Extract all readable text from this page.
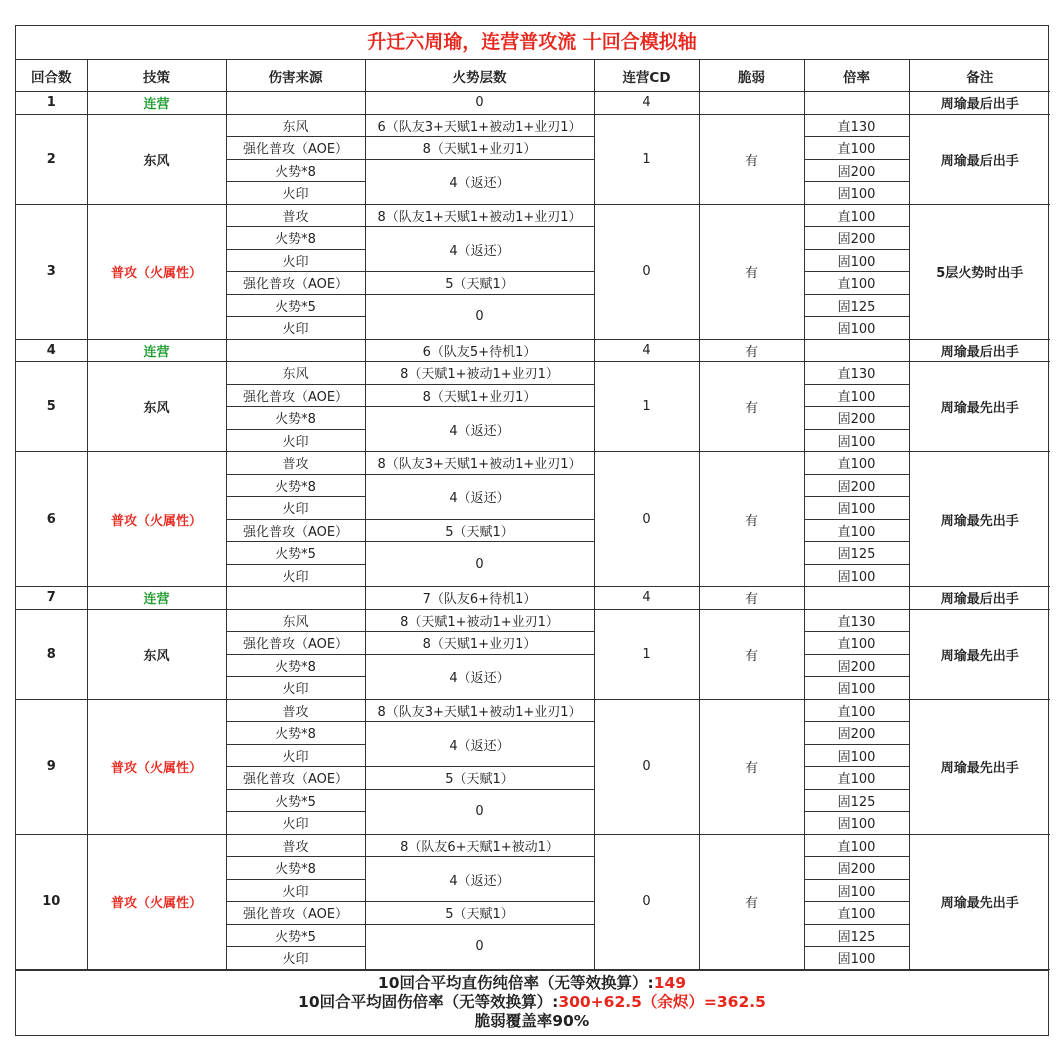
升迁六周瑜，连营普攻流 十回合模拟轴
回合数	技策	伤害来源	火势层数	连营CD	脆弱	倍率	备注
1	连营		0	4			周瑜最后出手
2	东风	东风	6（队友3+天赋1+被动1+业刃1）	1	有	直130	周瑜最后出手
		强化普攻（AOE）	8（天赋1+业刃1）			直100	
		火势*8	4（返还）			固200	
		火印				固100	
3	普攻（火属性）	普攻	8（队友1+天赋1+被动1+业刃1）	0	有	直100	5层火势时出手
		火势*8	4（返还）			固200	
		火印				固100	
		强化普攻（AOE）	5（天赋1）			直100	
		火势*5	0			固125	
		火印				固100	
4	连营		6（队友5+待机1）	4	有		周瑜最后出手
5	东风	东风	8（天赋1+被动1+业刃1）	1	有	直130	周瑜最先出手
		强化普攻（AOE）	8（天赋1+业刃1）			直100	
		火势*8	4（返还）			固200	
		火印				固100	
6	普攻（火属性）	普攻	8（队友3+天赋1+被动1+业刃1）	0	有	直100	周瑜最先出手
		火势*8	4（返还）			固200	
		火印				固100	
		强化普攻（AOE）	5（天赋1）			直100	
		火势*5	0			固125	
		火印				固100	
7	连营		7（队友6+待机1）	4	有		周瑜最后出手
8	东风	东风	8（天赋1+被动1+业刃1）	1	有	直130	周瑜最先出手
		强化普攻（AOE）	8（天赋1+业刃1）			直100	
		火势*8	4（返还）			固200	
		火印				固100	
9	普攻（火属性）	普攻	8（队友3+天赋1+被动1+业刃1）	0	有	直100	周瑜最先出手
		火势*8	4（返还）			固200	
		火印				固100	
		强化普攻（AOE）	5（天赋1）			直100	
		火势*5	0			固125	
		火印				固100	
10	普攻（火属性）	普攻	8（队友6+天赋1+被动1）	0	有	直100	周瑜最先出手
		火势*8	4（返还）			固200	
		火印				固100	
		强化普攻（AOE）	5（天赋1）			直100	
		火势*5	0			固125	
		火印				固100	
10回合平均直伤纯倍率（无等效换算）:149
10回合平均固伤倍率（无等效换算）:300+62.5（余烬）=362.5
脆弱覆盖率90%
